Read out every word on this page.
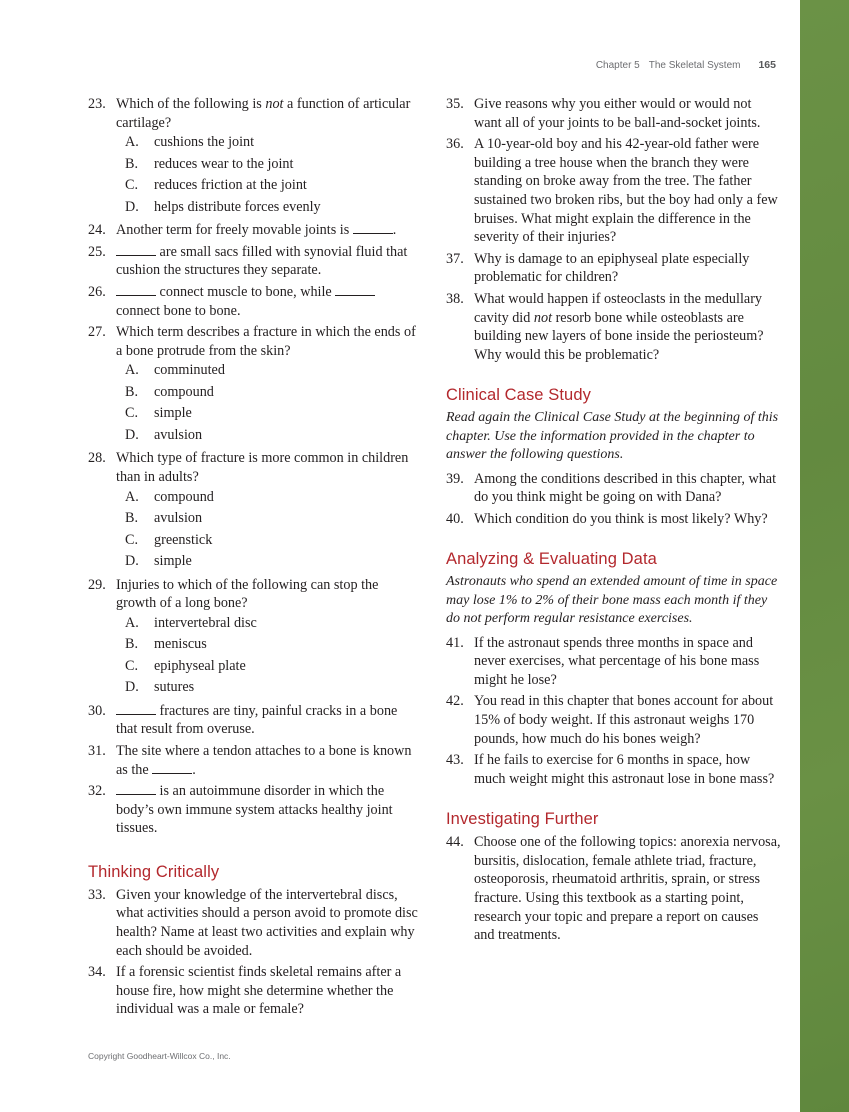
Chapter 5 The Skeletal System 165
23. Which of the following is not a function of articular cartilage?
A. cushions the joint
B. reduces wear to the joint
C. reduces friction at the joint
D. helps distribute forces evenly
24. Another term for freely movable joints is	.
25.	are small sacs filled with synovial fluid that cushion the structures they separate.
26.	connect muscle to bone, while  connect bone to bone.
27. Which term describes a fracture in which the ends of a bone protrude from the skin?
A. comminuted
B. compound
C. simple
D. avulsion
28. Which type of fracture is more common in children than in adults?
A. compound
B. avulsion
C. greenstick
D. simple
29. Injuries to which of the following can stop the growth of a long bone?
A. intervertebral disc
B. meniscus
C. epiphyseal plate
D. sutures
30.	fractures are tiny, painful cracks in a bone that result from overuse.
31. The site where a tendon attaches to a bone is known as the	.
32.	is an autoimmune disorder in which the body’s own immune system attacks healthy joint tissues.
Thinking Critically
33. Given your knowledge of the intervertebral discs, what activities should a person avoid to promote disc health? Name at least two activities and explain why each should be avoided.
34. If a forensic scientist finds skeletal remains after a house fire, how might she determine whether the individual was a male or female?
35. Give reasons why you either would or would not want all of your joints to be ball-and-socket joints.
36. A 10-year-old boy and his 42-year-old father were building a tree house when the branch they were standing on broke away from the tree. The father sustained two broken ribs, but the boy had only a few bruises. What might explain the difference in the severity of their injuries?
37. Why is damage to an epiphyseal plate especially problematic for children?
38. What would happen if osteoclasts in the medullary cavity did not resorb bone while osteoblasts are building new layers of bone inside the periosteum? Why would this be problematic?
Clinical Case Study
Read again the Clinical Case Study at the beginning of this chapter. Use the information provided in the chapter to answer the following questions.
39. Among the conditions described in this chapter, what do you think might be going on with Dana?
40. Which condition do you think is most likely? Why?
Analyzing & Evaluating Data
Astronauts who spend an extended amount of time in space may lose 1% to 2% of their bone mass each month if they do not perform regular resistance exercises.
41. If the astronaut spends three months in space and never exercises, what percentage of his bone mass might he lose?
42. You read in this chapter that bones account for about 15% of body weight. If this astronaut weighs 170 pounds, how much do his bones weigh?
43. If he fails to exercise for 6 months in space, how much weight might this astronaut lose in bone mass?
Investigating Further
44. Choose one of the following topics: anorexia nervosa, bursitis, dislocation, female athlete triad, fracture, osteoporosis, rheumatoid arthritis, sprain, or stress fracture. Using this textbook as a starting point, research your topic and prepare a report on causes and treatments.
Copyright Goodheart-Willcox Co., Inc.
